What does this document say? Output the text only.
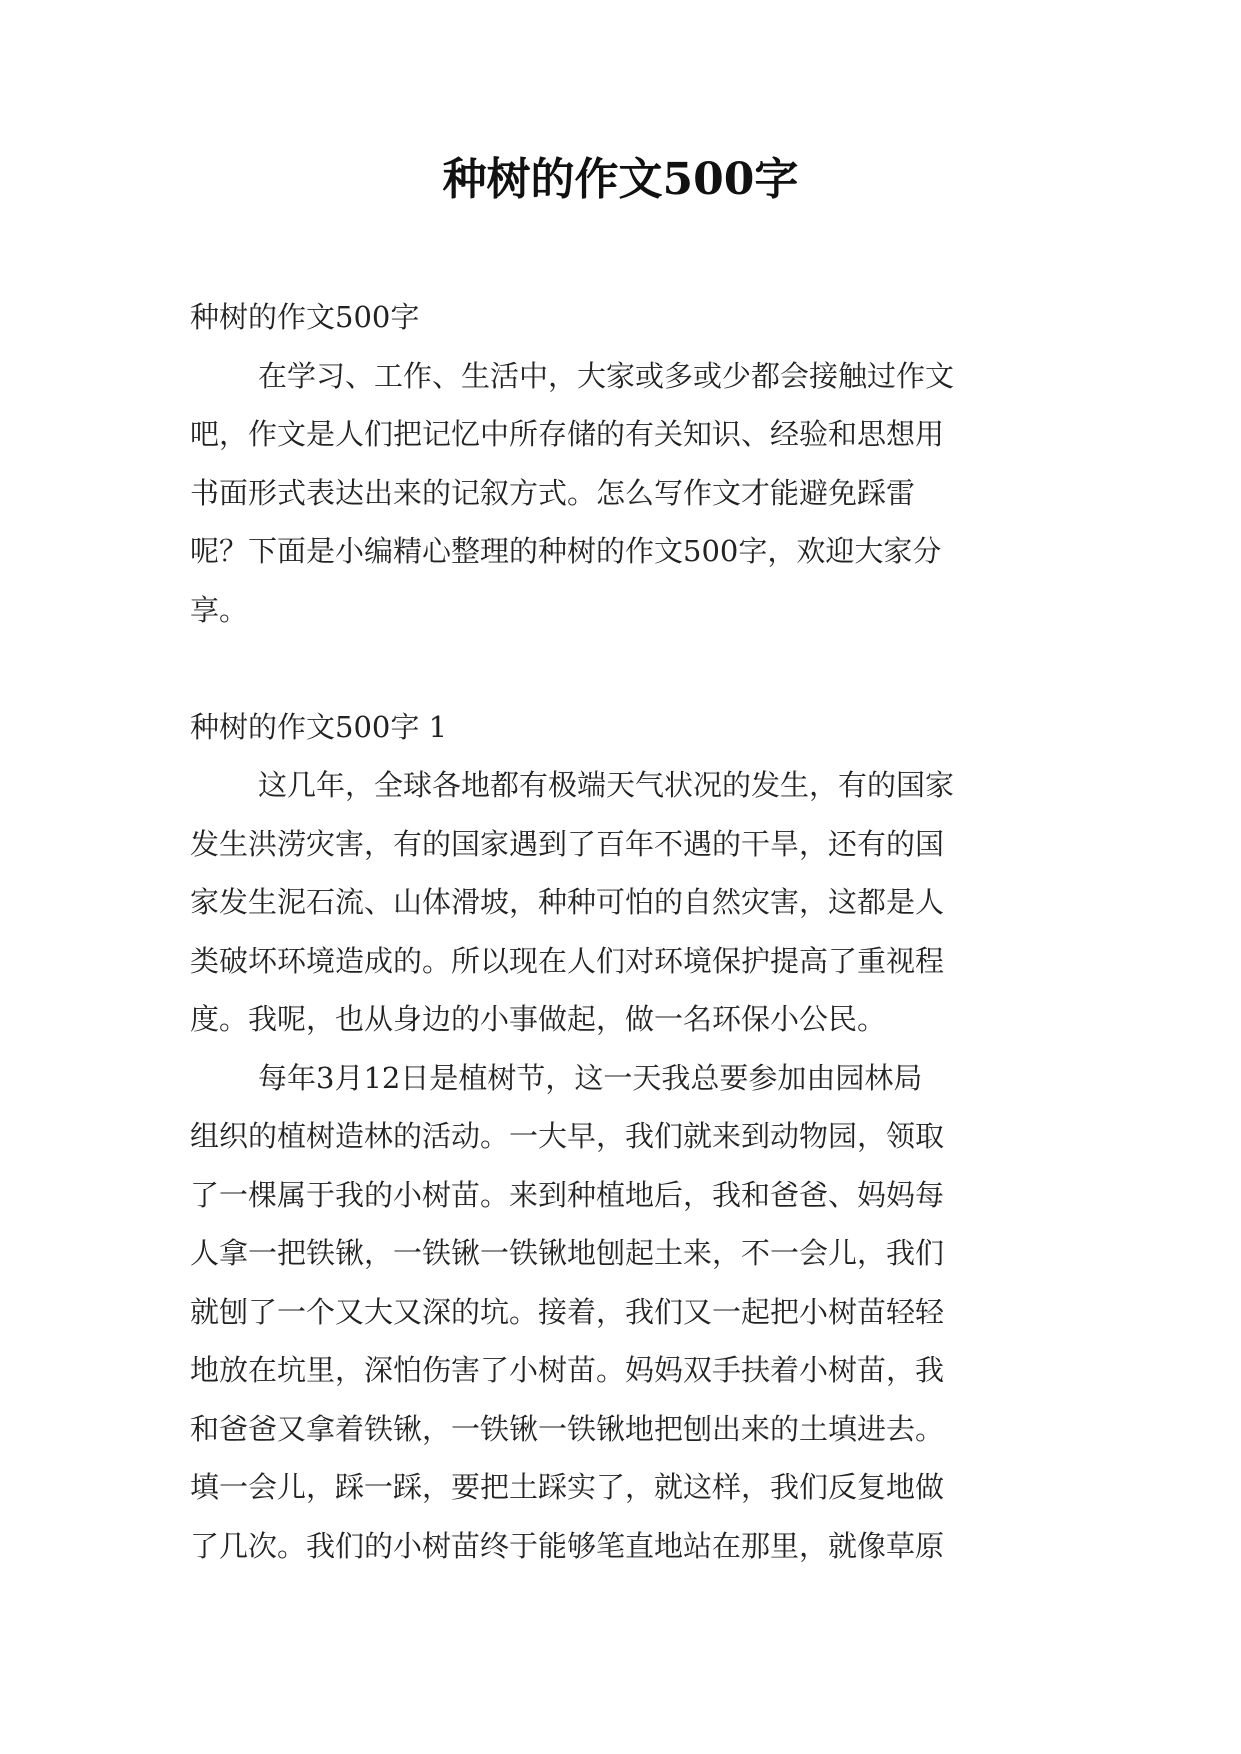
种树的作文500字
种树的作文500字
在学习、工作、生活中，大家或多或少都会接触过作文
吧，作文是人们把记忆中所存储的有关知识、经验和思想用
书面形式表达出来的记叙方式。怎么写作文才能避免踩雷
呢？下面是小编精心整理的种树的作文500字，欢迎大家分
享。
种树的作文500字 1
这几年，全球各地都有极端天气状况的发生，有的国家
发生洪涝灾害，有的国家遇到了百年不遇的干旱，还有的国
家发生泥石流、山体滑坡，种种可怕的自然灾害，这都是人
类破坏环境造成的。所以现在人们对环境保护提高了重视程
度。我呢，也从身边的小事做起，做一名环保小公民。
每年3月12日是植树节，这一天我总要参加由园林局
组织的植树造林的活动。一大早，我们就来到动物园，领取
了一棵属于我的小树苗。来到种植地后，我和爸爸、妈妈每
人拿一把铁锹，一铁锹一铁锹地刨起土来，不一会儿，我们
就刨了一个又大又深的坑。接着，我们又一起把小树苗轻轻
地放在坑里，深怕伤害了小树苗。妈妈双手扶着小树苗，我
和爸爸又拿着铁锹，一铁锹一铁锹地把刨出来的土填进去。
填一会儿，踩一踩，要把土踩实了，就这样，我们反复地做
了几次。我们的小树苗终于能够笔直地站在那里，就像草原
